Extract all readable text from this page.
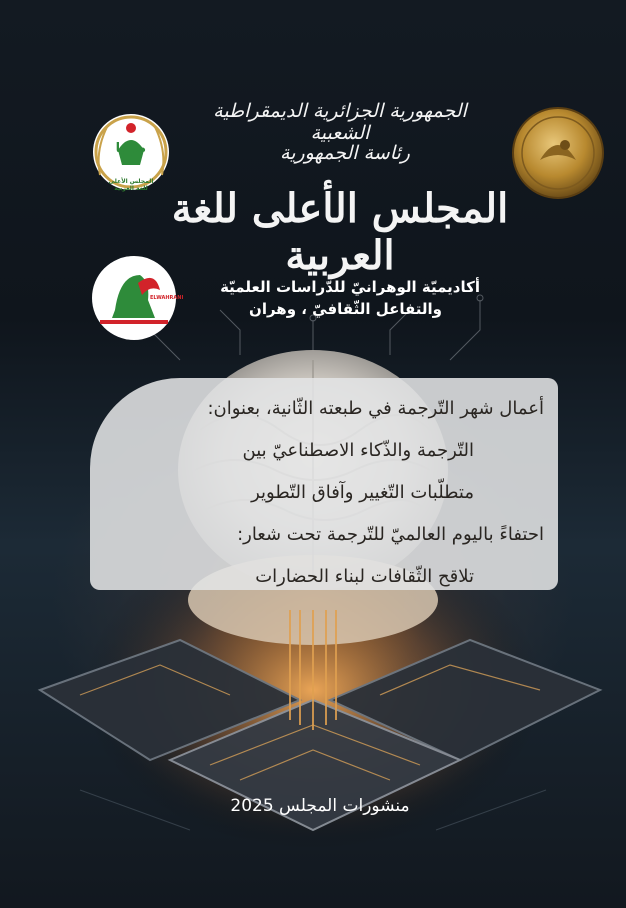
المجلس الأعلى للغة العربية
مرايا
ELWAHRANI
الجمهورية الجزائرية الديمقراطية الشعبية
رئاسة الجمهورية
المجلس الأعلى للغة العربية
أكاديميّة الوهرانيّ للدّراسات العلميّة
والتفاعل الثّقافيّ ، وهران
أعمال شهر التّرجمة في طبعته الثّانية، بعنوان:
التّرجمة والذّكاء الاصطناعيّ بين
متطلّبات التّغيير وآفاق التّطوير
احتفاءً باليوم العالميّ للتّرجمة تحت شعار:
تلاقح الثّقافات لبناء الحضارات
منشورات المجلس 2025
